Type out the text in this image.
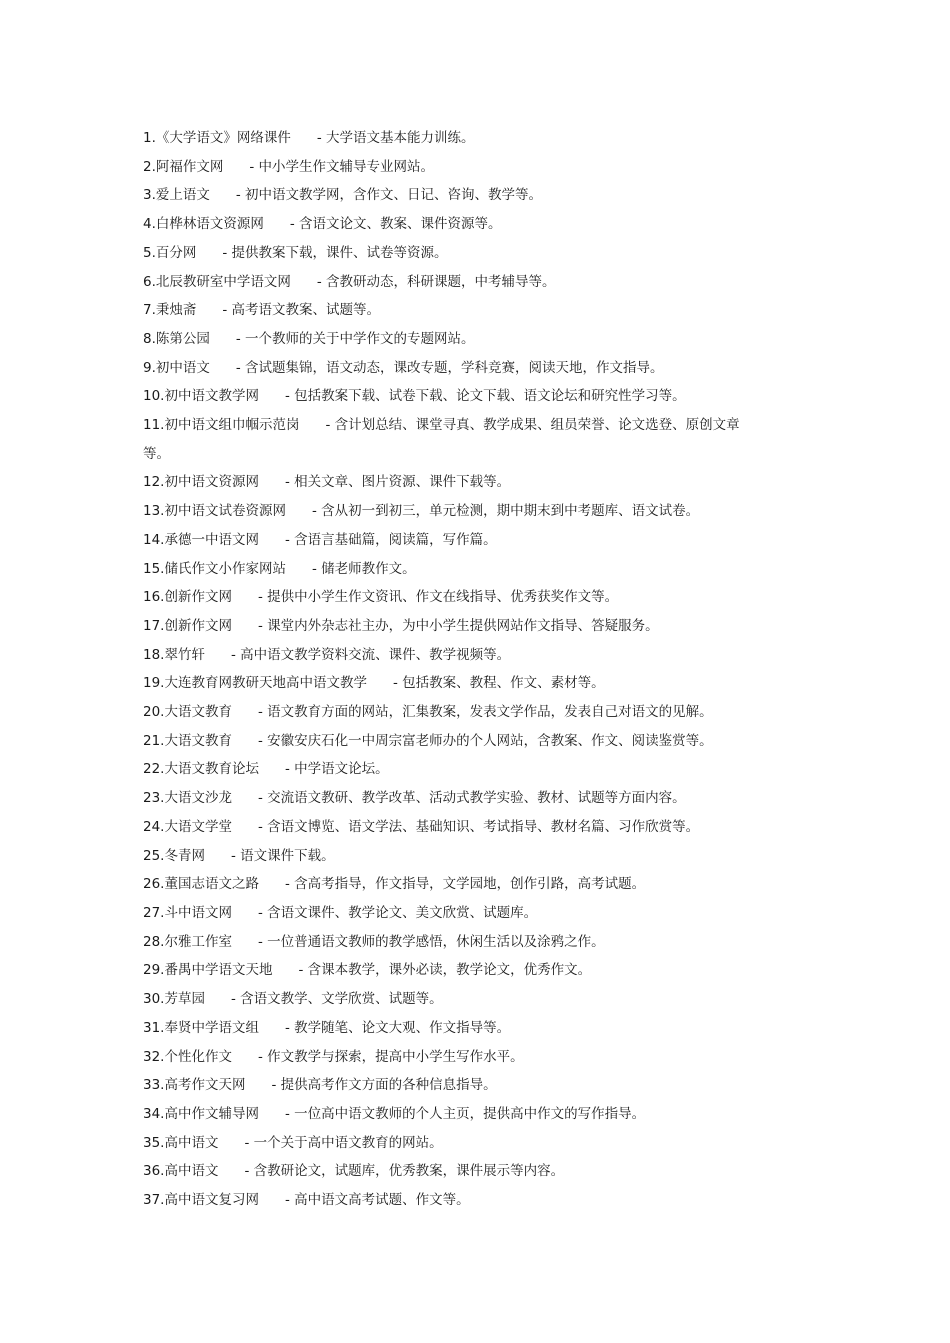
1.《大学语文》网络课件 - 大学语文基本能力训练。
2.阿福作文网 - 中小学生作文辅导专业网站。
3.爱上语文 - 初中语文教学网，含作文、日记、咨询、教学等。
4.白桦林语文资源网 - 含语文论文、教案、课件资源等。
5.百分网 - 提供教案下载，课件、试卷等资源。
6.北辰教研室中学语文网 - 含教研动态，科研课题，中考辅导等。
7.秉烛斋 - 高考语文教案、试题等。
8.陈第公园 - 一个教师的关于中学作文的专题网站。
9.初中语文 - 含试题集锦，语文动态，课改专题，学科竞赛，阅读天地，作文指导。
10.初中语文教学网 - 包括教案下载、试卷下载、论文下载、语文论坛和研究性学习等。
11.初中语文组巾帼示范岗 - 含计划总结、课堂寻真、教学成果、组员荣誉、论文选登、原创文章等。
12.初中语文资源网 - 相关文章、图片资源、课件下载等。
13.初中语文试卷资源网 - 含从初一到初三，单元检测，期中期末到中考题库、语文试卷。
14.承德一中语文网 - 含语言基础篇，阅读篇，写作篇。
15.储氏作文小作家网站 - 储老师教作文。
16.创新作文网 - 提供中小学生作文资讯、作文在线指导、优秀获奖作文等。
17.创新作文网 - 课堂内外杂志社主办，为中小学生提供网站作文指导、答疑服务。
18.翠竹轩 - 高中语文教学资料交流、课件、教学视频等。
19.大连教育网教研天地高中语文教学 - 包括教案、教程、作文、素材等。
20.大语文教育 - 语文教育方面的网站，汇集教案，发表文学作品，发表自己对语文的见解。
21.大语文教育 - 安徽安庆石化一中周宗富老师办的个人网站，含教案、作文、阅读鉴赏等。
22.大语文教育论坛 - 中学语文论坛。
23.大语文沙龙 - 交流语文教研、教学改革、活动式教学实验、教材、试题等方面内容。
24.大语文学堂 - 含语文博览、语文学法、基础知识、考试指导、教材名篇、习作欣赏等。
25.冬青网 - 语文课件下载。
26.董国志语文之路 - 含高考指导，作文指导，文学园地，创作引路，高考试题。
27.斗中语文网 - 含语文课件、教学论文、美文欣赏、试题库。
28.尔雅工作室 - 一位普通语文教师的教学感悟，休闲生活以及涂鸦之作。
29.番禺中学语文天地 - 含课本教学，课外必读，教学论文，优秀作文。
30.芳草园 - 含语文教学、文学欣赏、试题等。
31.奉贤中学语文组 - 教学随笔、论文大观、作文指导等。
32.个性化作文 - 作文教学与探索，提高中小学生写作水平。
33.高考作文天网 - 提供高考作文方面的各种信息指导。
34.高中作文辅导网 - 一位高中语文教师的个人主页，提供高中作文的写作指导。
35.高中语文 - 一个关于高中语文教育的网站。
36.高中语文 - 含教研论文，试题库，优秀教案，课件展示等内容。
37.高中语文复习网 - 高中语文高考试题、作文等。
